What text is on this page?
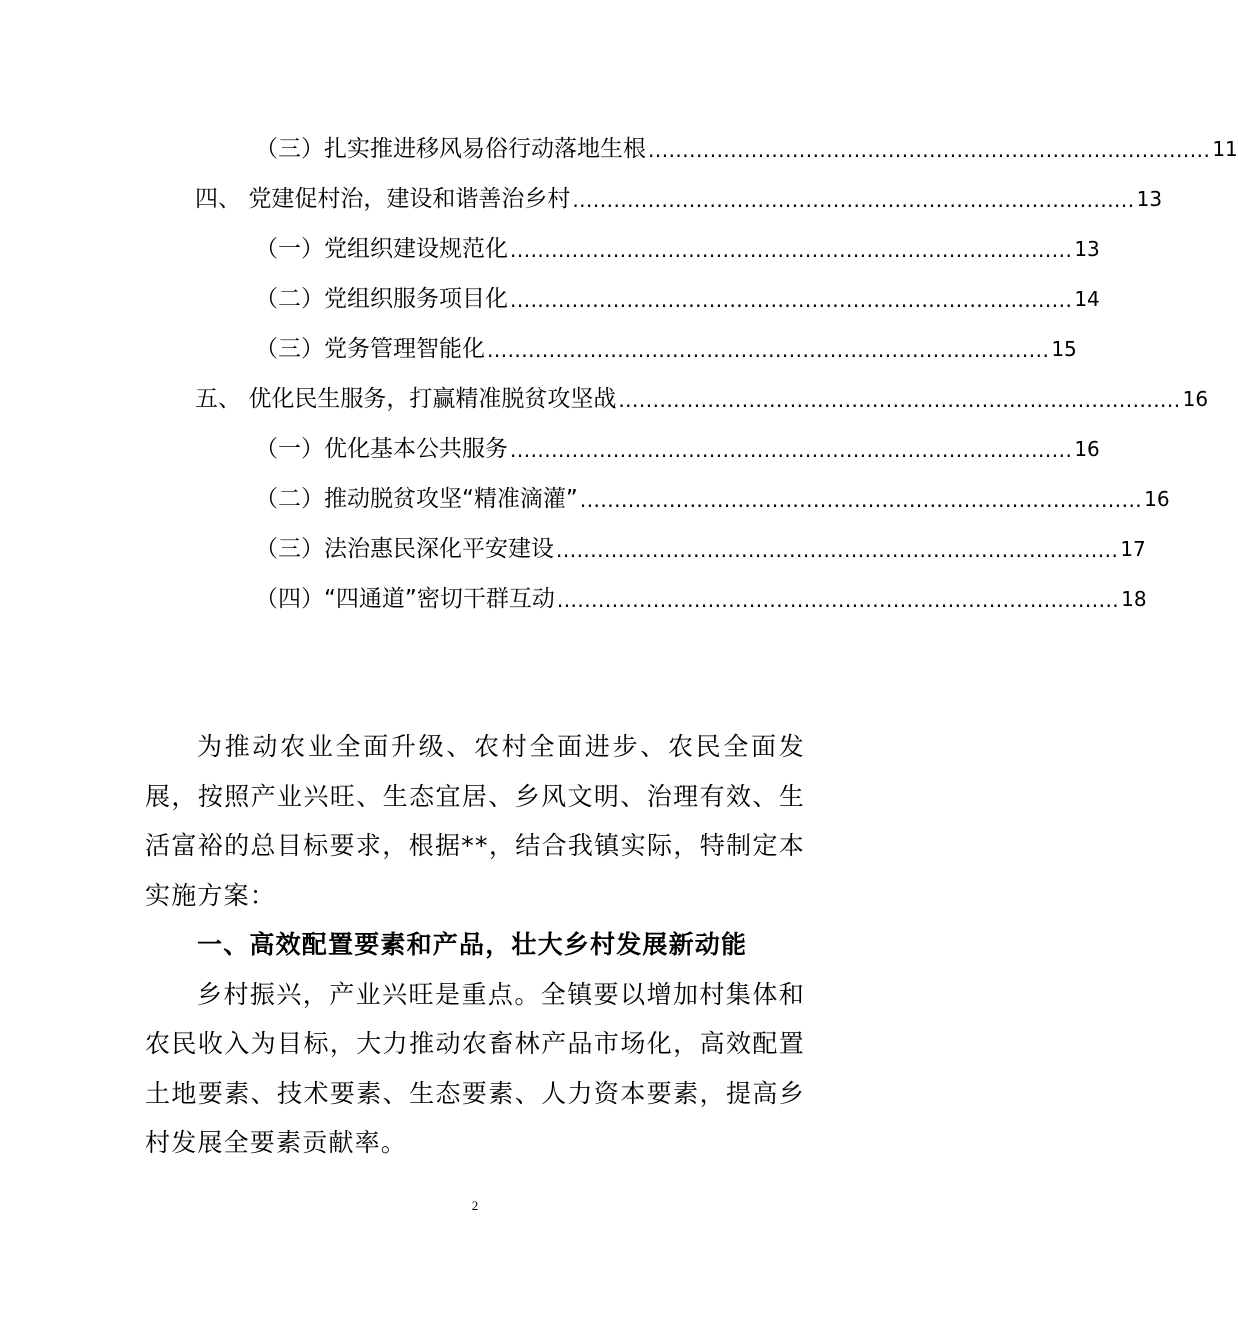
（三） 扎实推进移风易俗行动落地生根 .................................................................................. 11
四、 党建促村治，建设和谐善治乡村 .................................................................................. 13
（一） 党组织建设规范化 .................................................................................. 13
（二） 党组织服务项目化 .................................................................................. 14
（三） 党务管理智能化 .................................................................................. 15
五、 优化民生服务，打赢精准脱贫攻坚战 .................................................................................. 16
（一） 优化基本公共服务 .................................................................................. 16
（二） 推动脱贫攻坚“精准滴灌” .................................................................................. 16
（三） 法治惠民深化平安建设 .................................................................................. 17
（四） “四通道”密切干群互动 .................................................................................. 18

为推动农业全面升级、农村全面进步、农民全面发展，按照产业兴旺、生态宜居、乡风文明、治理有效、生活富裕的总目标要求，根据**，结合我镇实际，特制定本实施方案：

一、高效配置要素和产品，壮大乡村发展新动能

乡村振兴，产业兴旺是重点。全镇要以增加村集体和农民收入为目标，大力推动农畜林产品市场化，高效配置土地要素、技术要素、生态要素、人力资本要素，提高乡村发展全要素贡献率。

2
